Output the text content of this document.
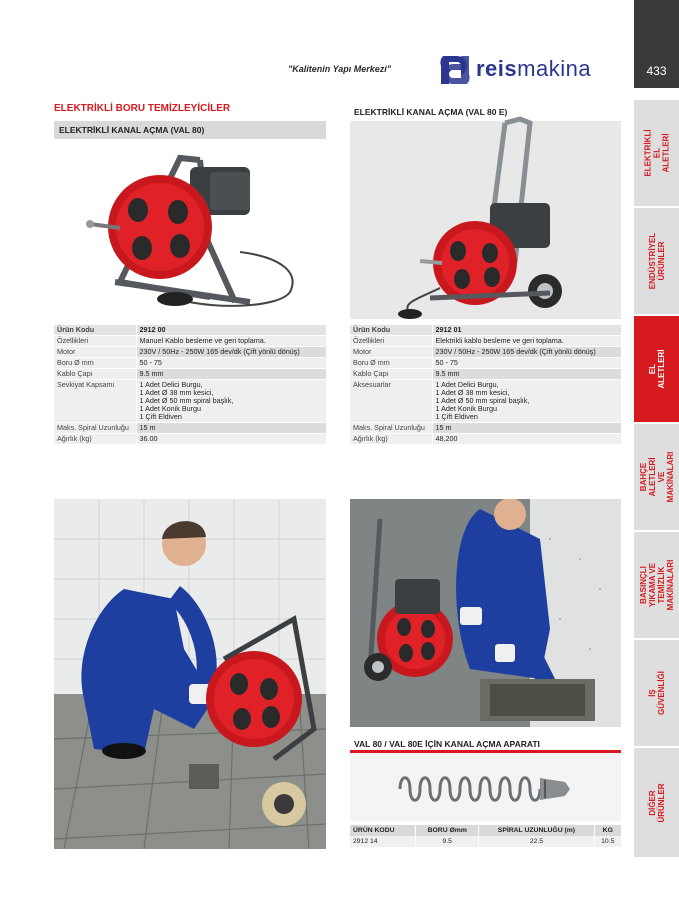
"Kalitenin Yapı Merkezi"	reismakina	433
ELEKTRİKLİ
EL ALETLERİ
ENDÜSTRİYEL
ÜRÜNLER
EL ALETLERİ
BAHÇE ALETLERİ VE
MAKİNALARI
BASINÇLI YIKAMA VE
TEMİZLİK MAKİNALARI
İŞ GÜVENLİĞİ
DİĞER ÜRÜNLER
ELEKTRİKLİ BORU TEMİZLEYİCİLER
ELEKTRİKLİ KANAL AÇMA (VAL 80)
Ürün Kodu	2912 00
Özellikleri	Manuel Kablo besleme ve geri toplama.
Motor	230V / 50Hz - 250W 165 dev/dk (Çift yönlü dönüş)
Boru Ø mm	50 - 75
Kablo Çapı	9.5 mm
Sevkiyat Kapsamı	1 Adet Delici Burgu,
1 Adet Ø 38 mm kesici,
1 Adet Ø 50 mm spiral başlık,
1 Adet Konik Burgu
1 Çift Eldiven
Maks. Spiral Uzunluğu	15 m
Ağırlık (kg)	36.00
ELEKTRİKLİ KANAL AÇMA (VAL 80 E)
Ürün Kodu	2912 01
Özellikleri	Elektrikli kablo besleme ve geri toplama.
Motor	230V / 50Hz - 250W 165 dev/dk (Çift yönlü dönüş)
Boru Ø mm	50 - 75
Kablo Çapı	9.5 mm
Aksesuarlar	1 Adet Delici Burgu,
1 Adet Ø 38 mm kesici,
1 Adet Ø 50 mm spiral başlık,
1 Adet Konik Burgu
1 Çift Eldiven
Maks. Spiral Uzunluğu	15 m
Ağırlık (kg)	48,200
VAL 80 / VAL 80E İÇİN KANAL AÇMA APARATI
ÜRÜN KODU	BORU Ømm	SPİRAL UZUNLUĞU (m)	KG
2912 14	9.5	22.5	10.5
